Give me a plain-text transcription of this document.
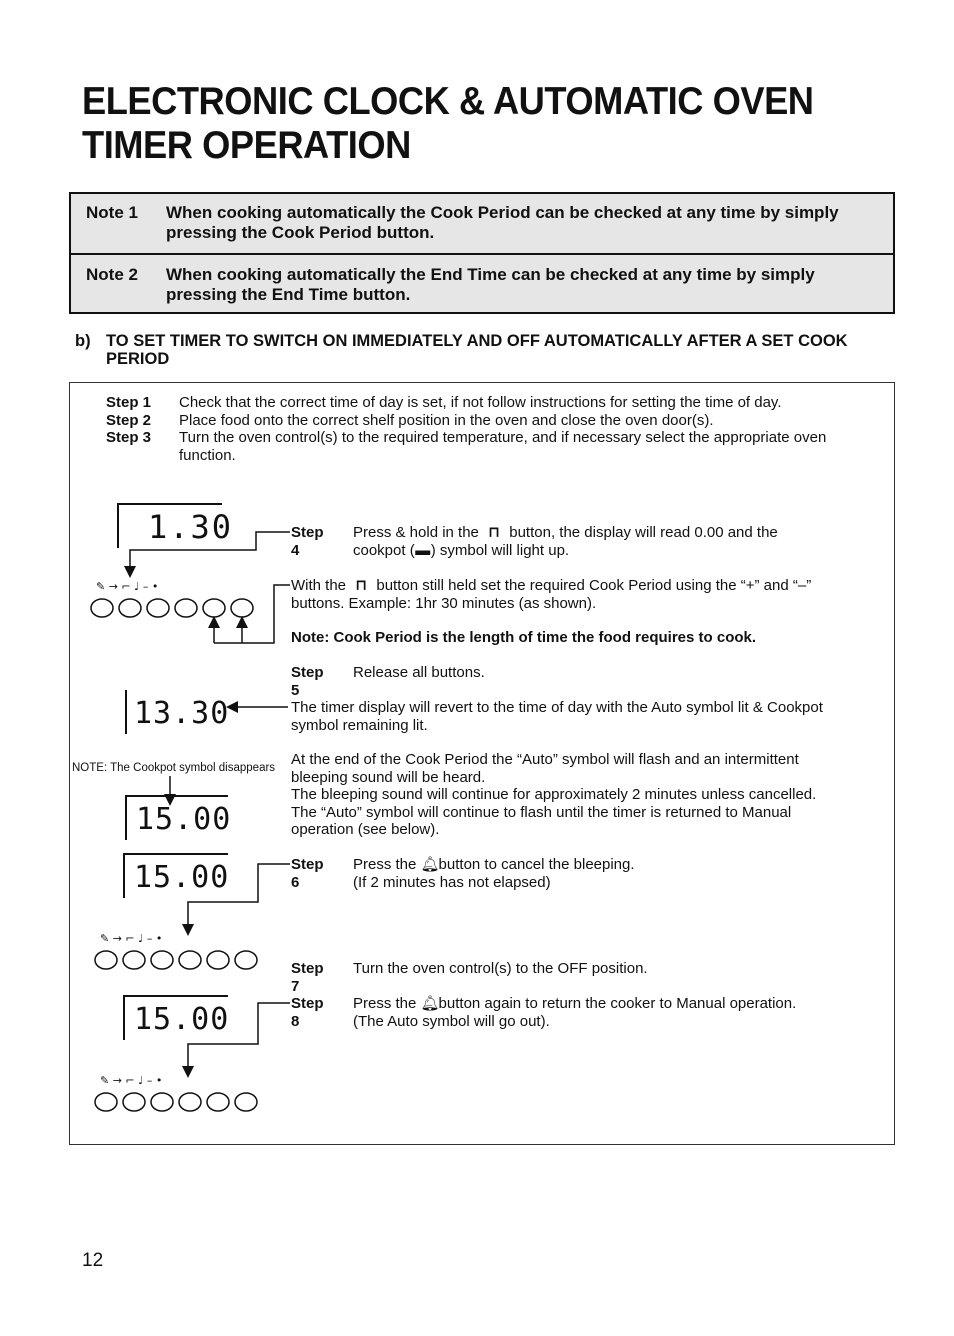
ELECTRONIC CLOCK & AUTOMATIC OVEN
TIMER OPERATION
Note 1 When cooking automatically the Cook Period can be checked at any time by simply
pressing the Cook Period button.
Note 2 When cooking automatically the End Time can be checked at any time by simply
pressing the End Time button.
b) TO SET TIMER TO SWITCH ON IMMEDIATELY AND OFF AUTOMATICALLY AFTER A SET COOK
PERIOD
Step 1 Check that the correct time of day is set, if not follow instructions for setting the time of day.
Step 2 Place food onto the correct shelf position in the oven and close the oven door(s).
Step 3 Turn the oven control(s) to the required temperature, and if necessary select the appropriate oven
function.
Step 4
Press & hold in the ⊓ button, the display will read 0.00 and the
cookpot (▬) symbol will light up.
With the ⊓ button still held set the required Cook Period using the “+” and “–”
buttons. Example: 1hr 30 minutes (as shown).
Note: Cook Period is the length of time the food requires to cook.
Step 5
Release all buttons.
The timer display will revert to the time of day with the Auto symbol lit & Cookpot
symbol remaining lit.
At the end of the Cook Period the “Auto” symbol will flash and an intermittent
bleeping sound will be heard.
The bleeping sound will continue for approximately 2 minutes unless cancelled.
The “Auto” symbol will continue to flash until the timer is returned to Manual
operation (see below).
Step 6
Press the 🔔︎button to cancel the bleeping.
(If 2 minutes has not elapsed)
Step 7
Turn the oven control(s) to the OFF position.
Step 8
Press the 🔔︎button again to return the cooker to Manual operation.
(The Auto symbol will go out).
NOTE: The Cookpot symbol disappears
✎ → ⌐ ♩ – •
✎ → ⌐ ♩ – •
✎ → ⌐ ♩ – •
1.30
13.30
15.00
15.00
15.00
12
